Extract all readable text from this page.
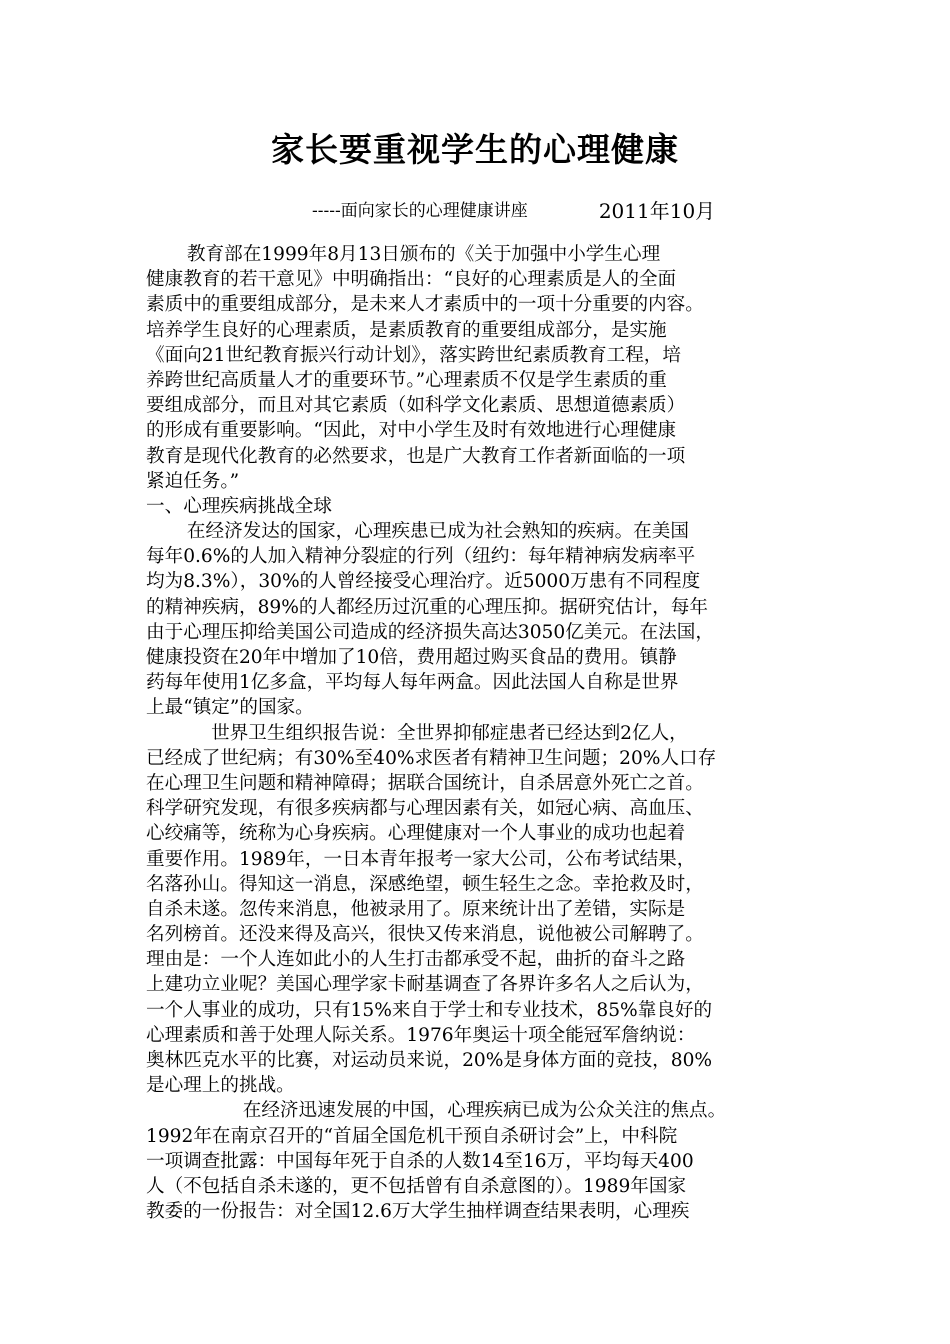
家长要重视学生的心理健康
-----面向家长的心理健康讲座	2011年10月
教育部在1999年8月13日颁布的《关于加强中小学生心理
健康教育的若干意见》中明确指出：“良好的心理素质是人的全面
素质中的重要组成部分，是未来人才素质中的一项十分重要的内容。
培养学生良好的心理素质，是素质教育的重要组成部分，是实施
《面向21世纪教育振兴行动计划》，落实跨世纪素质教育工程，培
养跨世纪高质量人才的重要环节。”心理素质不仅是学生素质的重
要组成部分，而且对其它素质（如科学文化素质、思想道德素质）
的形成有重要影响。“因此，对中小学生及时有效地进行心理健康
教育是现代化教育的必然要求，也是广大教育工作者新面临的一项
紧迫任务。”
一、心理疾病挑战全球
在经济发达的国家，心理疾患已成为社会熟知的疾病。在美国
每年0.6%的人加入精神分裂症的行列（纽约：每年精神病发病率平
均为8.3%），30%的人曾经接受心理治疗。近5000万患有不同程度
的精神疾病，89%的人都经历过沉重的心理压抑。据研究估计，每年
由于心理压抑给美国公司造成的经济损失高达3050亿美元。在法国，
健康投资在20年中增加了10倍，费用超过购买食品的费用。镇静
药每年使用1亿多盒，平均每人每年两盒。因此法国人自称是世界
上最“镇定”的国家。
世界卫生组织报告说：全世界抑郁症患者已经达到2亿人，
已经成了世纪病；有30%至40%求医者有精神卫生问题；20%人口存
在心理卫生问题和精神障碍；据联合国统计，自杀居意外死亡之首。
科学研究发现，有很多疾病都与心理因素有关，如冠心病、高血压、
心绞痛等，统称为心身疾病。心理健康对一个人事业的成功也起着
重要作用。1989年，一日本青年报考一家大公司，公布考试结果，
名落孙山。得知这一消息，深感绝望，顿生轻生之念。幸抢救及时，
自杀未遂。忽传来消息，他被录用了。原来统计出了差错，实际是
名列榜首。还没来得及高兴，很快又传来消息，说他被公司解聘了。
理由是：一个人连如此小的人生打击都承受不起，曲折的奋斗之路
上建功立业呢？美国心理学家卡耐基调查了各界许多名人之后认为，
一个人事业的成功，只有15%来自于学士和专业技术，85%靠良好的
心理素质和善于处理人际关系。1976年奥运十项全能冠军詹纳说：
奥林匹克水平的比赛，对运动员来说，20%是身体方面的竞技，80%
是心理上的挑战。
在经济迅速发展的中国，心理疾病已成为公众关注的焦点。
1992年在南京召开的“首届全国危机干预自杀研讨会”上，中科院
一项调查批露：中国每年死于自杀的人数14至16万，平均每天400
人（不包括自杀未遂的，更不包括曾有自杀意图的）。1989年国家
教委的一份报告：对全国12.6万大学生抽样调查结果表明，心理疾
